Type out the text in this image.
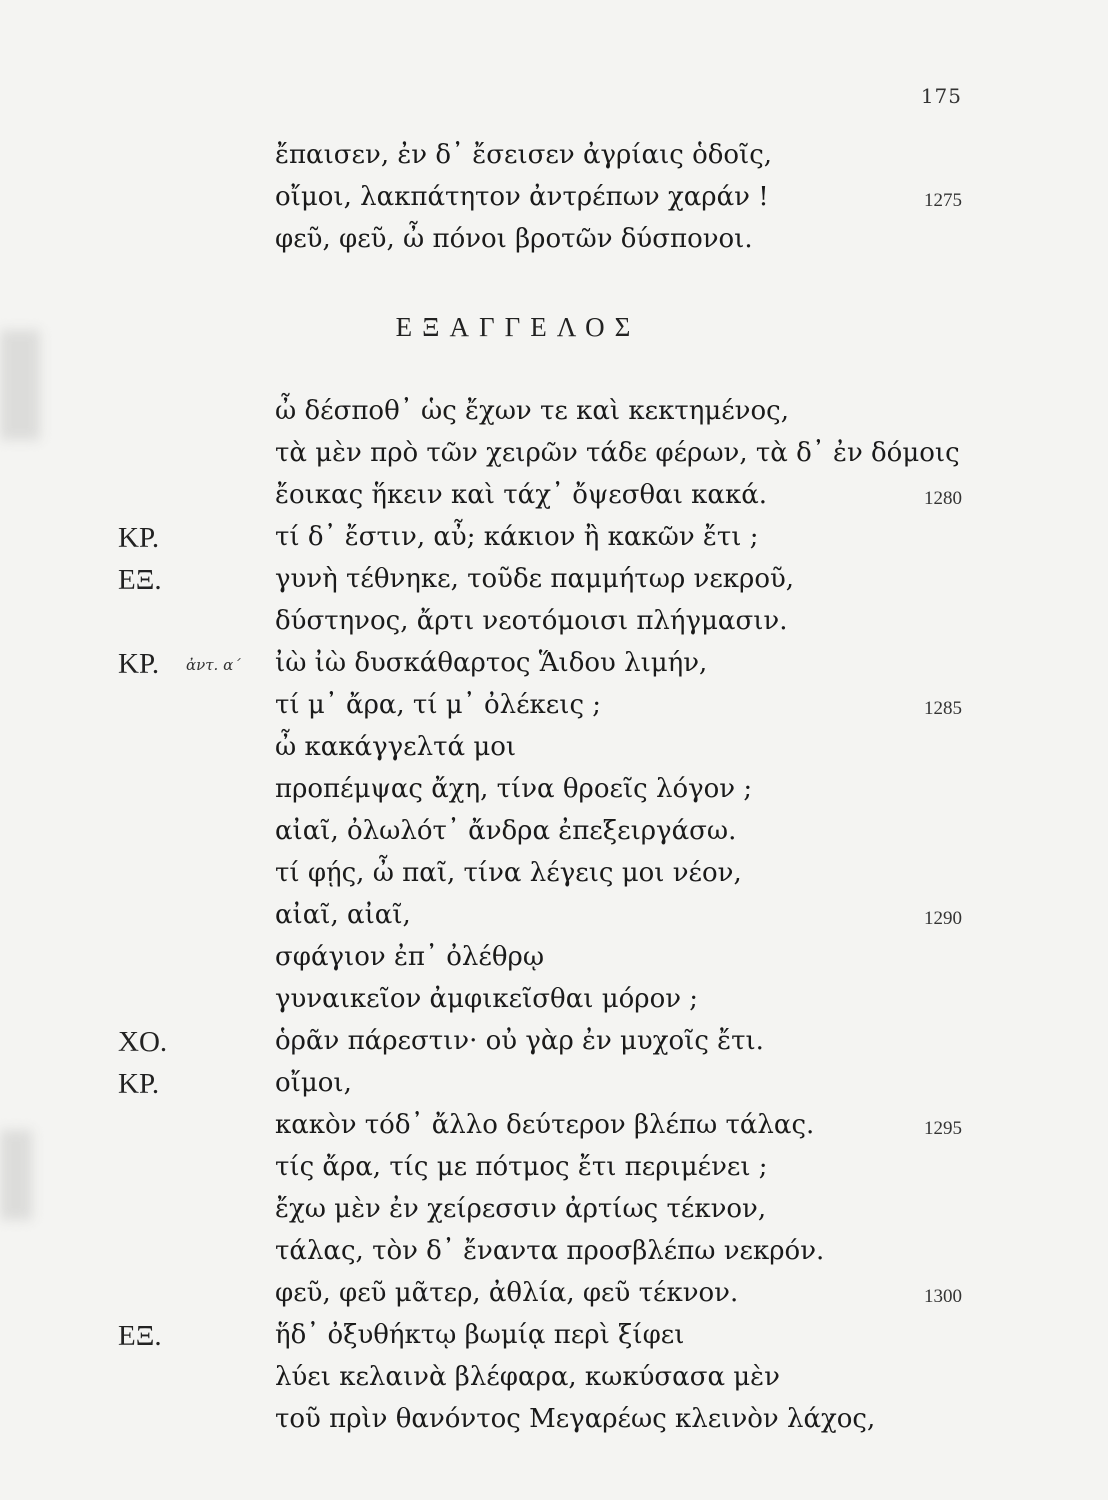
175
ΕΞΑΓΓΕΛΟΣ
ἔπαισεν, ἐν δ᾽ ἔσεισεν ἀγρίαις ὁδοῖς,
οἴμοι, λακπάτητον ἀντρέπων χαράν !	1275
φεῦ, φεῦ, ὦ πόνοι βροτῶν δύσπονοι.
ὦ δέσποθ᾽ ὡς ἔχων τε καὶ κεκτημένος,
τὰ μὲν πρὸ τῶν χειρῶν τάδε φέρων, τὰ δ᾽ ἐν δόμοις
ἔοικας ἥκειν καὶ τάχ᾽ ὄψεσθαι κακά.	1280
ΚΡ.	τί δ᾽ ἔστιν, αὖ; κάκιον ἢ κακῶν ἔτι ;
ΕΞ.	γυνὴ τέθνηκε, τοῦδε παμμήτωρ νεκροῦ,
δύστηνος, ἄρτι νεοτόμοισι πλήγμασιν.
ΚΡ. ἀντ. α΄ ἰὼ ἰὼ δυσκάθαρτος Ἅιδου λιμήν,
τί μ᾽ ἄρα, τί μ᾽ ὀλέκεις ;	1285
ὦ κακάγγελτά μοι
προπέμψας ἄχη, τίνα θροεῖς λόγον ;
αἰαῖ, ὀλωλότ᾽ ἄνδρα ἐπεξειργάσω.
τί φῄς, ὦ παῖ, τίνα λέγεις μοι νέον,
αἰαῖ, αἰαῖ,	1290
σφάγιον ἐπ᾽ ὀλέθρῳ
γυναικεῖον ἀμφικεῖσθαι μόρον ;
ΧΟ.	ὁρᾶν πάρεστιν· οὐ γὰρ ἐν μυχοῖς ἔτι.
ΚΡ.	οἴμοι,
κακὸν τόδ᾽ ἄλλο δεύτερον βλέπω τάλας.	1295
τίς ἄρα, τίς με πότμος ἔτι περιμένει ;
ἔχω μὲν ἐν χείρεσσιν ἀρτίως τέκνον,
τάλας, τὸν δ᾽ ἔναντα προσβλέπω νεκρόν.
φεῦ, φεῦ μᾶτερ, ἀθλία, φεῦ τέκνον.	1300
ΕΞ.	ἥδ᾽ ὀξυθήκτῳ βωμίᾳ περὶ ξίφει
λύει κελαινὰ βλέφαρα, κωκύσασα μὲν
τοῦ πρὶν θανόντος Μεγαρέως κλεινὸν λάχος,
